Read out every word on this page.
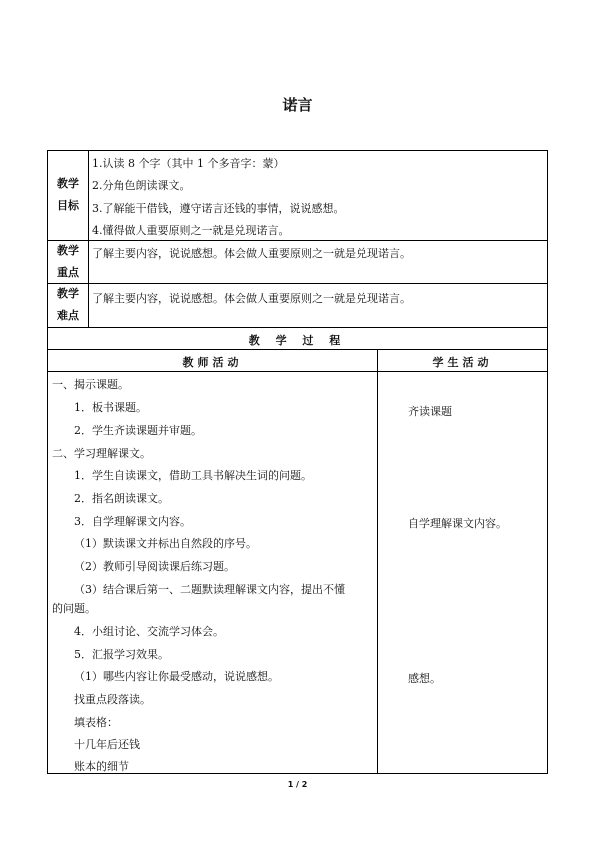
诺言
教学
目标
1.认读 8 个字（其中 1 个多音字：蒙）
2.分角色朗读课文。
3.了解能干借钱，遵守诺言还钱的事情，说说感想。
4.懂得做人重要原则之一就是兑现诺言。
教学
重点
了解主要内容，说说感想。体会做人重要原则之一就是兑现诺言。
教学
难点
了解主要内容，说说感想。体会做人重要原则之一就是兑现诺言。
教 学 过 程
教师活动	学生活动
一、揭示课题。
1．板书课题。
2．学生齐读课题并审题。
二、学习理解课文。
1．学生自读课文，借助工具书解决生词的问题。
2．指名朗读课文。
3．自学理解课文内容。
（1）默读课文并标出自然段的序号。
（2）教师引导阅读课后练习题。
（3）结合课后第一、二题默读理解课文内容，提出不懂
的问题。
4．小组讨论、交流学习体会。
5．汇报学习效果。
（1）哪些内容让你最受感动，说说感想。
找重点段落读。
填表格：
十几年后还钱
账本的细节
齐读课题
自学理解课文内容。
感想。
1 / 2
